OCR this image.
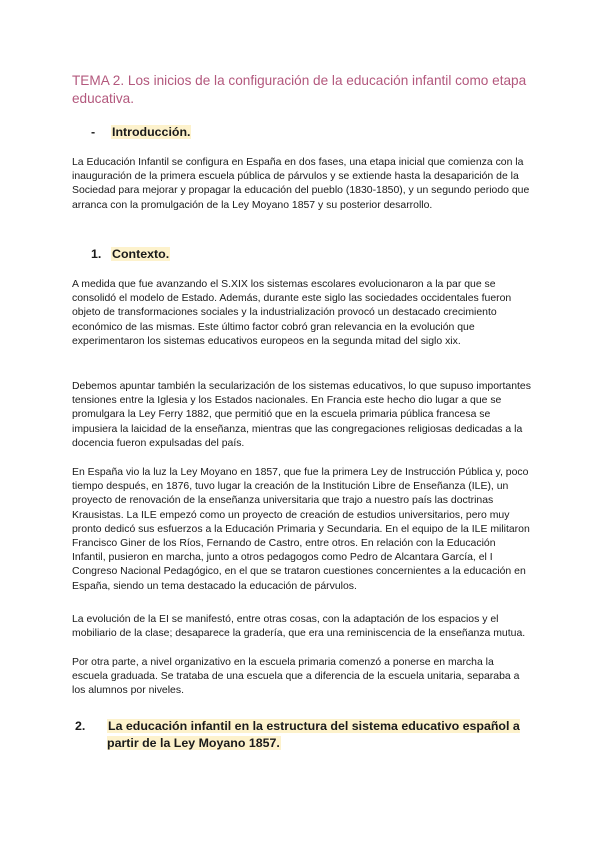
TEMA 2. Los inicios de la configuración de la educación infantil como etapa educativa.
- Introducción.

La Educación Infantil se configura en España en dos fases, una etapa inicial que comienza con la inauguración de la primera escuela pública de párvulos y se extiende hasta la desaparición de la Sociedad para mejorar y propagar la educación del pueblo (1830-1850), y un segundo periodo que arranca con la promulgación de la Ley Moyano 1857 y su posterior desarrollo.

1. Contexto.

A medida que fue avanzando el S.XIX los sistemas escolares evolucionaron a la par que se consolidó el modelo de Estado. Además, durante este siglo las sociedades occidentales fueron objeto de transformaciones sociales y la industrialización provocó un destacado crecimiento económico de las mismas. Este último factor cobró gran relevancia en la evolución que experimentaron los sistemas educativos europeos en la segunda mitad del siglo xix.

Debemos apuntar también la secularización de los sistemas educativos, lo que supuso importantes tensiones entre la Iglesia y los Estados nacionales. En Francia este hecho dio lugar a que se promulgara la Ley Ferry 1882, que permitió que en la escuela primaria pública francesa se impusiera la laicidad de la enseñanza, mientras que las congregaciones religiosas dedicadas a la docencia fueron expulsadas del país.

En España vio la luz la Ley Moyano en 1857, que fue la primera Ley de Instrucción Pública y, poco tiempo después, en 1876, tuvo lugar la creación de la Institución Libre de Enseñanza (ILE), un proyecto de renovación de la enseñanza universitaria que trajo a nuestro país las doctrinas Krausistas. La ILE empezó como un proyecto de creación de estudios universitarios, pero muy pronto dedicó sus esfuerzos a la Educación Primaria y Secundaria. En el equipo de la ILE militaron Francisco Giner de los Ríos, Fernando de Castro, entre otros. En relación con la Educación Infantil, pusieron en marcha, junto a otros pedagogos como Pedro de Alcantara García, el I Congreso Nacional Pedagógico, en el que se trataron cuestiones concernientes a la educación en España, siendo un tema destacado la educación de párvulos.

La evolución de la EI se manifestó, entre otras cosas, con la adaptación de los espacios y el mobiliario de la clase; desaparece la gradería, que era una reminiscencia de la enseñanza mutua.

Por otra parte, a nivel organizativo en la escuela primaria comenzó a ponerse en marcha la escuela graduada. Se trataba de una escuela que a diferencia de la escuela unitaria, separaba a los alumnos por niveles.

2. La educación infantil en la estructura del sistema educativo español a partir de la Ley Moyano 1857.
